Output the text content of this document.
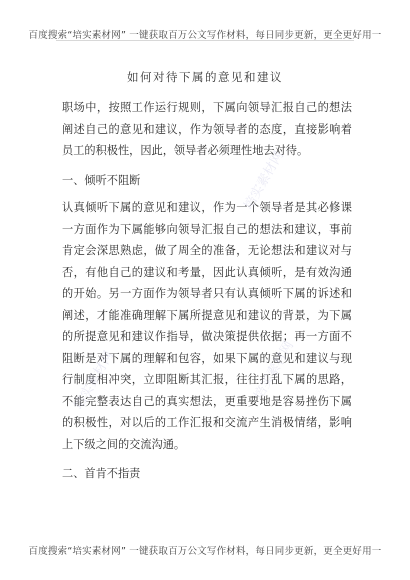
百度搜索“培实素材网” 一键获取百万公文写作材料，每日同步更新，更全更好用一
如何对待下属的意见和建议

职场中，按照工作运行规则，下属向领导汇报自己的想法阐述自己的意见和建议，作为领导者的态度，直接影响着员工的积极性，因此，领导者必须理性地去对待。

一、倾听不阻断

认真倾听下属的意见和建议，作为一个领导者是其必修课一方面作为下属能够向领导汇报自己的想法和建议，事前肯定会深思熟虑，做了周全的准备，无论想法和建议对与否，有他自己的建议和考量，因此认真倾听，是有效沟通的开始。另一方面作为领导者只有认真倾听下属的诉述和阐述，才能准确理解下属所提意见和建议的背景，为下属的所提意见和建议作指导，做决策提供依据；再一方面不阻断是对下属的理解和包容，如果下属的意见和建议与现行制度相冲突，立即阻断其汇报，往往打乱下属的思路，不能完整表达自己的真实想法，更重要地是容易挫伤下属的积极性，对以后的工作汇报和交流产生消极情绪，影响上下级之间的交流沟通。

二、首肯不指责

培实素材网
培实素材网	培实素材网
百度搜索“培实素材网” 一键获取百万公文写作材料，每日同步更新，更全更好用一
